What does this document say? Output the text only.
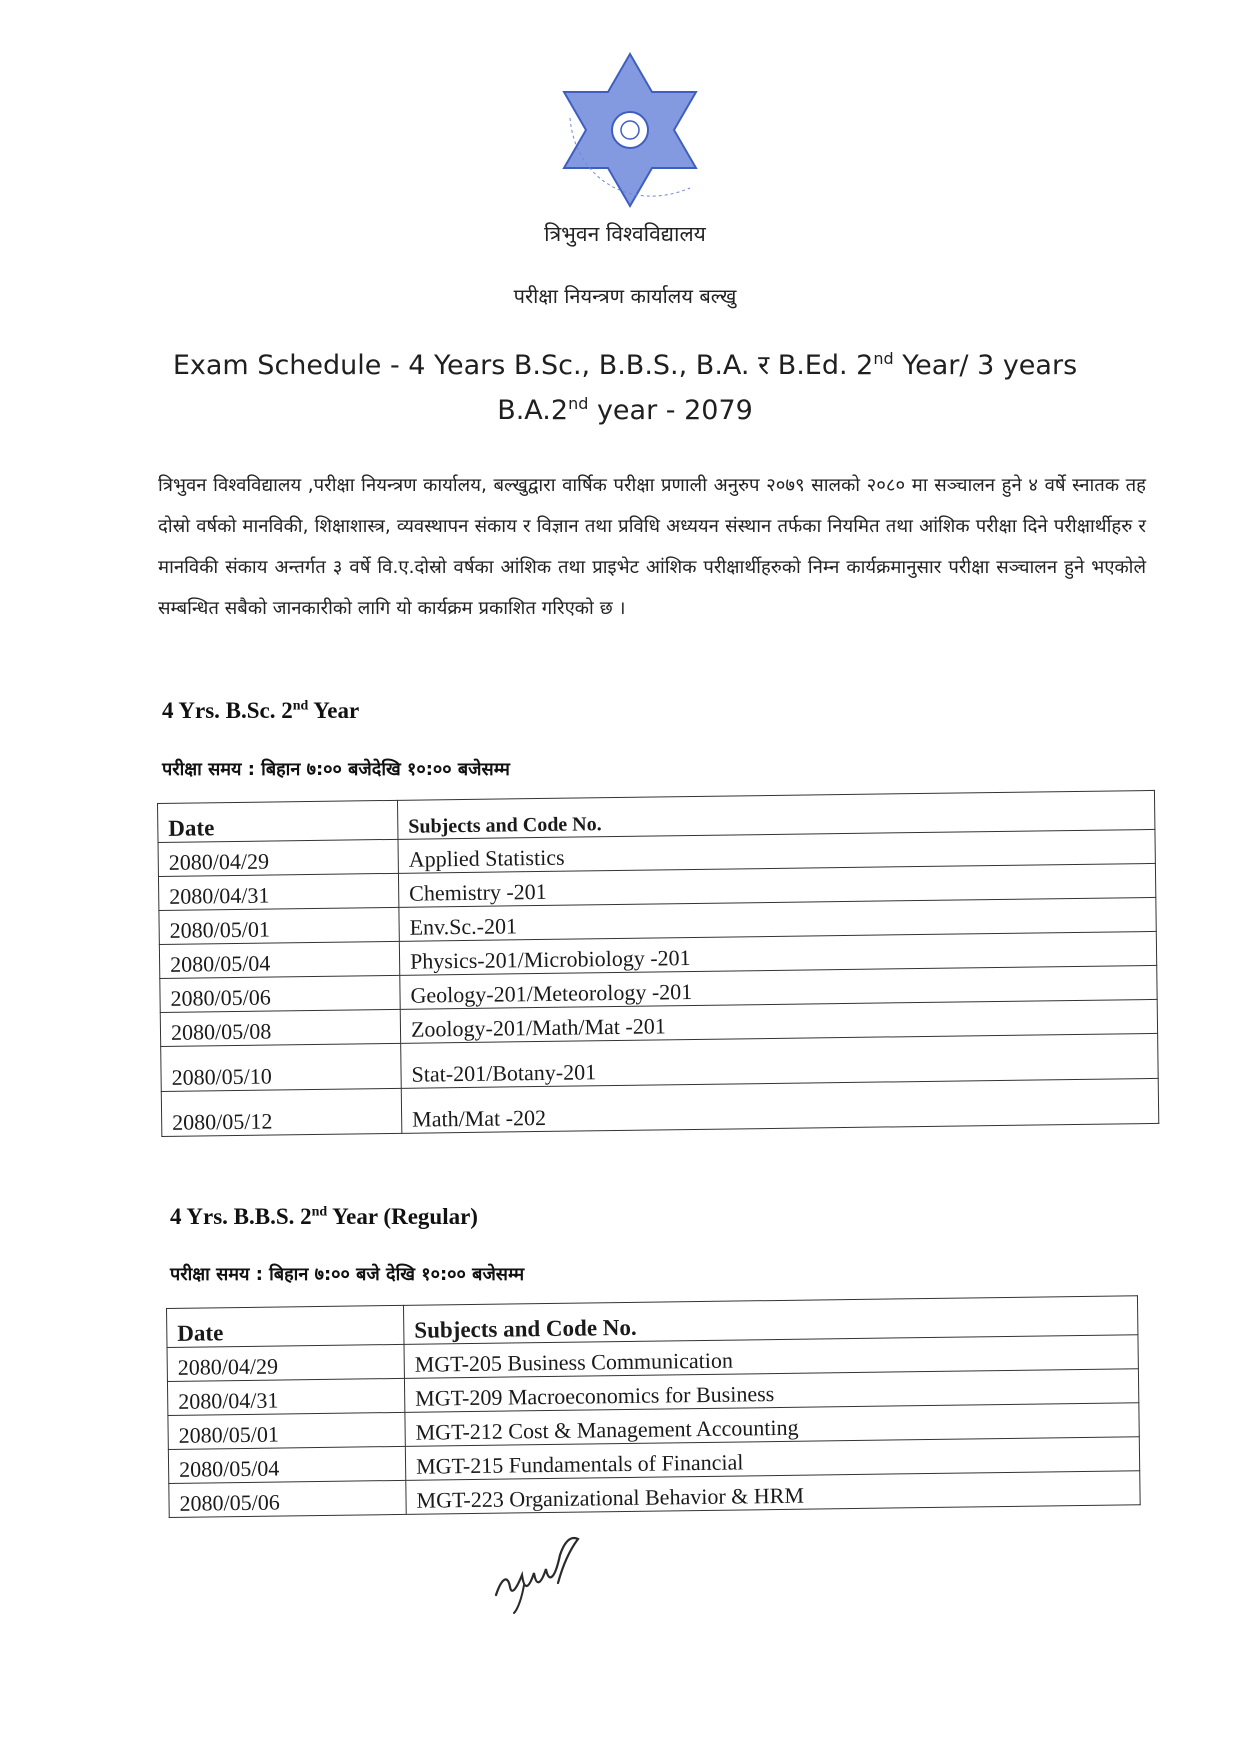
त्रिभुवन विश्वविद्यालय
परीक्षा नियन्त्रण कार्यालय बल्खु
Exam Schedule - 4 Years B.Sc., B.B.S., B.A. र B.Ed. 2nd Year/ 3 years
B.A.2nd year - 2079

त्रिभुवन विश्वविद्यालय ,परीक्षा नियन्त्रण कार्यालय, बल्खुद्वारा वार्षिक परीक्षा प्रणाली अनुरुप २०७९ सालको २०८० मा सञ्चालन हुने ४ वर्षे स्नातक तह दोस्रो वर्षको मानविकी, शिक्षाशास्त्र, व्यवस्थापन संकाय र विज्ञान तथा प्रविधि अध्ययन संस्थान तर्फका नियमित तथा आंशिक परीक्षा दिने परीक्षार्थीहरु र मानविकी संकाय अन्तर्गत ३ वर्षे वि.ए.दोस्रो वर्षका आंशिक तथा प्राइभेट आंशिक परीक्षार्थीहरुको निम्न कार्यक्रमानुसार परीक्षा सञ्चालन हुने भएकोले सम्बन्धित सबैको जानकारीको लागि यो कार्यक्रम प्रकाशित गरिएको छ ।

4 Yrs. B.Sc. 2nd Year
परीक्षा समय : बिहान ७:०० बजेदेखि १०:०० बजेसम्म
Date	Subjects and Code No.
2080/04/29	Applied Statistics
2080/04/31	Chemistry -201
2080/05/01	Env.Sc.-201
2080/05/04	Physics-201/Microbiology -201
2080/05/06	Geology-201/Meteorology -201
2080/05/08	Zoology-201/Math/Mat -201
2080/05/10	Stat-201/Botany-201
2080/05/12	Math/Mat -202
4 Yrs. B.B.S. 2nd Year (Regular)
परीक्षा समय : बिहान ७:०० बजे देखि १०:०० बजेसम्म
Date	Subjects and Code No.
2080/04/29	MGT-205 Business Communication
2080/04/31	MGT-209 Macroeconomics for Business
2080/05/01	MGT-212 Cost & Management Accounting
2080/05/04	MGT-215 Fundamentals of Financial
2080/05/06	MGT-223 Organizational Behavior & HRM
